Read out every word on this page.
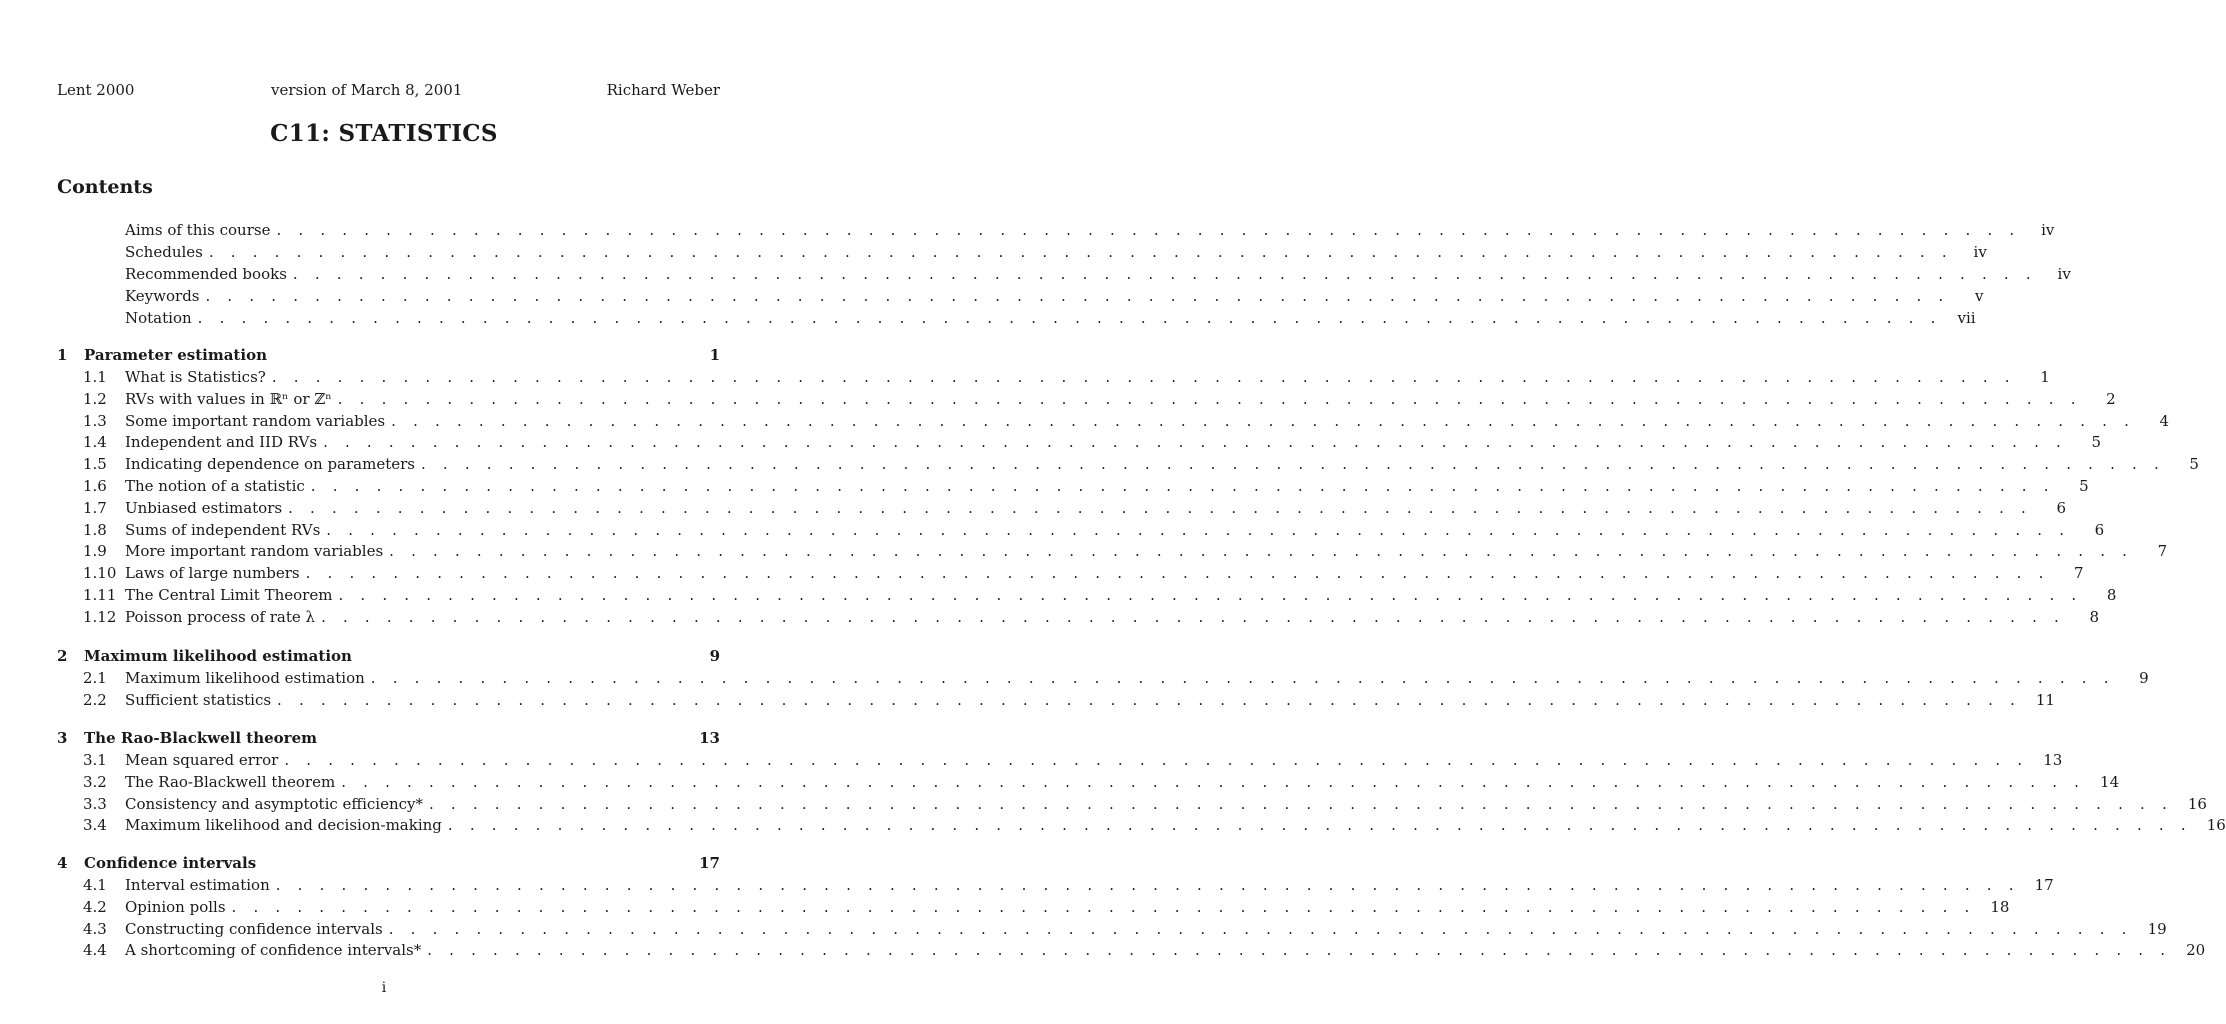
Lent 2000	version of March 8, 2001	Richard Weber
C11: STATISTICS
Contents
Aims of this course . . . . . . . . . . . . . . . . . . . . . . . . . . . . . . . . . . . . . . . . . . . . . . . . . . . . . . . . . . . . . . . . . . . . . . . . . . . . . . . .	iv
Schedules . . . . . . . . . . . . . . . . . . . . . . . . . . . . . . . . . . . . . . . . . . . . . . . . . . . . . . . . . . . . . . . . . . . . . . . . . . . . . . . .	iv
Recommended books . . . . . . . . . . . . . . . . . . . . . . . . . . . . . . . . . . . . . . . . . . . . . . . . . . . . . . . . . . . . . . . . . . . . . . . . . . . . . . . .	iv
Keywords . . . . . . . . . . . . . . . . . . . . . . . . . . . . . . . . . . . . . . . . . . . . . . . . . . . . . . . . . . . . . . . . . . . . . . . . . . . . . . . .	v
Notation . . . . . . . . . . . . . . . . . . . . . . . . . . . . . . . . . . . . . . . . . . . . . . . . . . . . . . . . . . . . . . . . . . . . . . . . . . . . . . . .	vii
1 Parameter estimation	1
1.1 What is Statistics? . . . . . . . . . . . . . . . . . . . . . . . . . . . . . . . . . . . . . . . . . . . . . . . . . . . . . . . . . . . . . . . . . . . . . . . . . . . . . . . .	1
1.2 RVs with values in ℝⁿ or ℤⁿ . . . . . . . . . . . . . . . . . . . . . . . . . . . . . . . . . . . . . . . . . . . . . . . . . . . . . . . . . . . . . . . . . . . . . . . . . . . . . . . .	2
1.3 Some important random variables . . . . . . . . . . . . . . . . . . . . . . . . . . . . . . . . . . . . . . . . . . . . . . . . . . . . . . . . . . . . . . . . . . . . . . . . . . . . . . . .	4
1.4 Independent and IID RVs . . . . . . . . . . . . . . . . . . . . . . . . . . . . . . . . . . . . . . . . . . . . . . . . . . . . . . . . . . . . . . . . . . . . . . . . . . . . . . . .	5
1.5 Indicating dependence on parameters . . . . . . . . . . . . . . . . . . . . . . . . . . . . . . . . . . . . . . . . . . . . . . . . . . . . . . . . . . . . . . . . . . . . . . . . . . . . . . . .	5
1.6 The notion of a statistic . . . . . . . . . . . . . . . . . . . . . . . . . . . . . . . . . . . . . . . . . . . . . . . . . . . . . . . . . . . . . . . . . . . . . . . . . . . . . . . .	5
1.7 Unbiased estimators . . . . . . . . . . . . . . . . . . . . . . . . . . . . . . . . . . . . . . . . . . . . . . . . . . . . . . . . . . . . . . . . . . . . . . . . . . . . . . . .	6
1.8 Sums of independent RVs . . . . . . . . . . . . . . . . . . . . . . . . . . . . . . . . . . . . . . . . . . . . . . . . . . . . . . . . . . . . . . . . . . . . . . . . . . . . . . . .	6
1.9 More important random variables . . . . . . . . . . . . . . . . . . . . . . . . . . . . . . . . . . . . . . . . . . . . . . . . . . . . . . . . . . . . . . . . . . . . . . . . . . . . . . . .	7
1.10 Laws of large numbers . . . . . . . . . . . . . . . . . . . . . . . . . . . . . . . . . . . . . . . . . . . . . . . . . . . . . . . . . . . . . . . . . . . . . . . . . . . . . . . .	7
1.11 The Central Limit Theorem . . . . . . . . . . . . . . . . . . . . . . . . . . . . . . . . . . . . . . . . . . . . . . . . . . . . . . . . . . . . . . . . . . . . . . . . . . . . . . . .	8
1.12 Poisson process of rate λ . . . . . . . . . . . . . . . . . . . . . . . . . . . . . . . . . . . . . . . . . . . . . . . . . . . . . . . . . . . . . . . . . . . . . . . . . . . . . . . .	8
2 Maximum likelihood estimation	9
2.1 Maximum likelihood estimation . . . . . . . . . . . . . . . . . . . . . . . . . . . . . . . . . . . . . . . . . . . . . . . . . . . . . . . . . . . . . . . . . . . . . . . . . . . . . . . .	9
2.2 Sufficient statistics . . . . . . . . . . . . . . . . . . . . . . . . . . . . . . . . . . . . . . . . . . . . . . . . . . . . . . . . . . . . . . . . . . . . . . . . . . . . . . . . 11
3 The Rao-Blackwell theorem	13
3.1 Mean squared error . . . . . . . . . . . . . . . . . . . . . . . . . . . . . . . . . . . . . . . . . . . . . . . . . . . . . . . . . . . . . . . . . . . . . . . . . . . . . . . . 13
3.2 The Rao-Blackwell theorem . . . . . . . . . . . . . . . . . . . . . . . . . . . . . . . . . . . . . . . . . . . . . . . . . . . . . . . . . . . . . . . . . . . . . . . . . . . . . . . . 14
3.3 Consistency and asymptotic efficiency* . . . . . . . . . . . . . . . . . . . . . . . . . . . . . . . . . . . . . . . . . . . . . . . . . . . . . . . . . . . . . . . . . . . . . . . . . . . . . . . . 16
3.4 Maximum likelihood and decision-making . . . . . . . . . . . . . . . . . . . . . . . . . . . . . . . . . . . . . . . . . . . . . . . . . . . . . . . . . . . . . . . . . . . . . . . . . . . . . . . . 16
4 Confidence intervals	17
4.1 Interval estimation . . . . . . . . . . . . . . . . . . . . . . . . . . . . . . . . . . . . . . . . . . . . . . . . . . . . . . . . . . . . . . . . . . . . . . . . . . . . . . . . 17
4.2 Opinion polls . . . . . . . . . . . . . . . . . . . . . . . . . . . . . . . . . . . . . . . . . . . . . . . . . . . . . . . . . . . . . . . . . . . . . . . . . . . . . . . . 18
4.3 Constructing confidence intervals . . . . . . . . . . . . . . . . . . . . . . . . . . . . . . . . . . . . . . . . . . . . . . . . . . . . . . . . . . . . . . . . . . . . . . . . . . . . . . . . 19
4.4 A shortcoming of confidence intervals* . . . . . . . . . . . . . . . . . . . . . . . . . . . . . . . . . . . . . . . . . . . . . . . . . . . . . . . . . . . . . . . . . . . . . . . . . . . . . . . . 20
i
